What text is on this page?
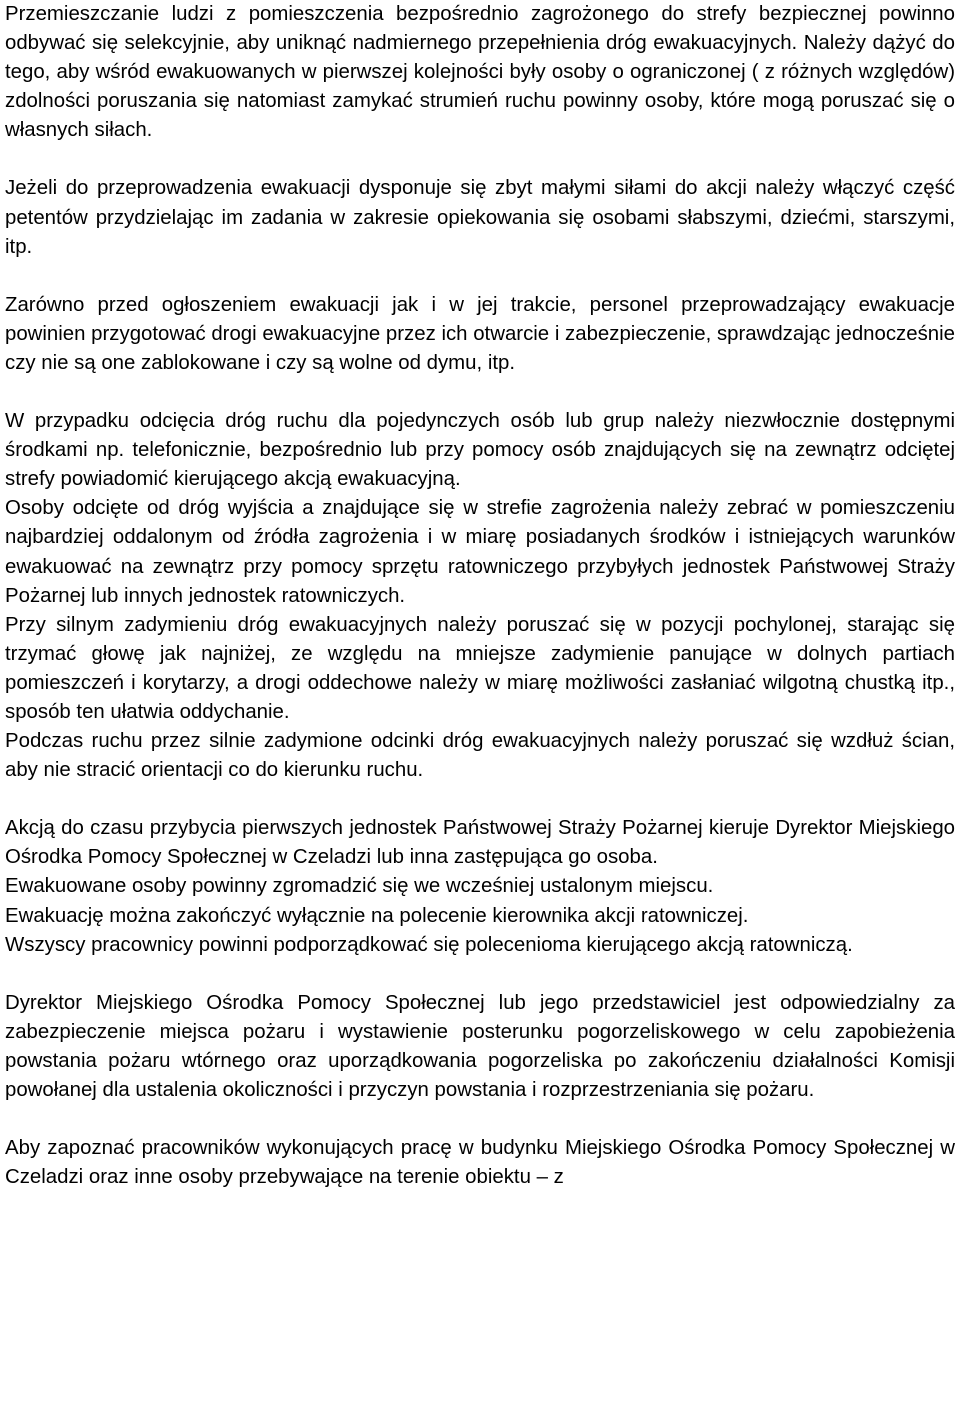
Przemieszczanie ludzi z pomieszczenia bezpośrednio zagrożonego do strefy bezpiecznej powinno odbywać się selekcyjnie, aby uniknąć nadmiernego przepełnienia dróg ewakuacyjnych. Należy dążyć do tego, aby wśród ewakuowanych w pierwszej kolejności były osoby o ograniczonej ( z różnych względów) zdolności poruszania się natomiast zamykać strumień ruchu powinny osoby, które mogą poruszać się o własnych siłach.

Jeżeli do przeprowadzenia ewakuacji dysponuje się zbyt małymi siłami do akcji należy włączyć część petentów przydzielając im zadania w zakresie opiekowania się osobami słabszymi, dziećmi, starszymi, itp.

Zarówno przed ogłoszeniem ewakuacji jak i w jej trakcie, personel przeprowadzający ewakuacje powinien przygotować drogi ewakuacyjne przez ich otwarcie i zabezpieczenie, sprawdzając jednocześnie czy nie są one zablokowane i czy są wolne od dymu, itp.

W przypadku odcięcia dróg ruchu dla pojedynczych osób lub grup należy niezwłocznie dostępnymi środkami np. telefonicznie, bezpośrednio lub przy pomocy osób znajdujących się na zewnątrz odciętej strefy powiadomić kierującego akcją ewakuacyjną.

Osoby odcięte od dróg wyjścia a znajdujące się w strefie zagrożenia należy zebrać w pomieszczeniu najbardziej oddalonym od źródła zagrożenia i w miarę posiadanych środków i istniejących warunków ewakuować na zewnątrz przy pomocy sprzętu ratowniczego przybyłych jednostek Państwowej Straży Pożarnej lub innych jednostek ratowniczych.

Przy silnym zadymieniu dróg ewakuacyjnych należy poruszać się w pozycji pochylonej, starając się trzymać głowę jak najniżej, ze względu na mniejsze zadymienie panujące w dolnych partiach pomieszczeń i korytarzy, a drogi oddechowe należy w miarę możliwości zasłaniać wilgotną chustką itp., sposób ten ułatwia oddychanie.

Podczas ruchu przez silnie zadymione odcinki dróg ewakuacyjnych należy poruszać się wzdłuż ścian, aby nie stracić orientacji co do kierunku ruchu.

Akcją do czasu przybycia pierwszych jednostek Państwowej Straży Pożarnej kieruje Dyrektor Miejskiego Ośrodka Pomocy Społecznej w Czeladzi lub inna zastępująca go osoba.

Ewakuowane osoby powinny zgromadzić się we wcześniej ustalonym miejscu.

Ewakuację można zakończyć wyłącznie na polecenie kierownika akcji ratowniczej.

Wszyscy pracownicy powinni podporządkować się polecenioma kierującego akcją ratowniczą.

Dyrektor Miejskiego Ośrodka Pomocy Społecznej lub jego przedstawiciel jest odpowiedzialny za zabezpieczenie miejsca pożaru i wystawienie posterunku pogorzeliskowego w celu zapobieżenia powstania pożaru wtórnego oraz uporządkowania pogorzeliska po zakończeniu działalności Komisji powołanej dla ustalenia okoliczności i przyczyn powstania i rozprzestrzeniania się pożaru.

Aby zapoznać pracowników wykonujących pracę w budynku Miejskiego Ośrodka Pomocy Społecznej w Czeladzi oraz inne osoby przebywające na terenie obiektu – z
